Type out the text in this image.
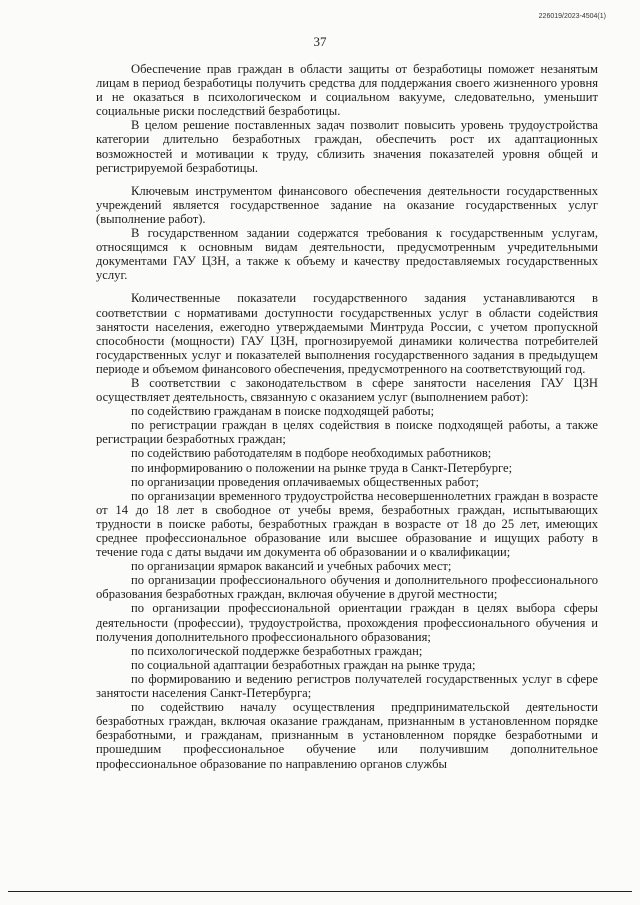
226019/2023-4504(1)
37

Обеспечение прав граждан в области защиты от безработицы поможет незанятым лицам в период безработицы получить средства для поддержания своего жизненного уровня и не оказаться в психологическом и социальном вакууме, следовательно, уменьшит социальные риски последствий безработицы.

В целом решение поставленных задач позволит повысить уровень трудоустройства категории длительно безработных граждан, обеспечить рост их адаптационных возможностей и мотивации к труду, сблизить значения показателей уровня общей и регистрируемой безработицы.

Ключевым инструментом финансового обеспечения деятельности государственных учреждений является государственное задание на оказание государственных услуг (выполнение работ).

В государственном задании содержатся требования к государственным услугам, относящимся к основным видам деятельности, предусмотренным учредительными документами ГАУ ЦЗН, а также к объему и качеству предоставляемых государственных услуг.

Количественные показатели государственного задания устанавливаются в соответствии с нормативами доступности государственных услуг в области содействия занятости населения, ежегодно утверждаемыми Минтруда России, с учетом пропускной способности (мощности) ГАУ ЦЗН, прогнозируемой динамики количества потребителей государственных услуг и показателей выполнения государственного задания в предыдущем периоде и объемом финансового обеспечения, предусмотренного на соответствующий год.

В соответствии с законодательством в сфере занятости населения ГАУ ЦЗН осуществляет деятельность, связанную с оказанием услуг (выполнением работ):

по содействию гражданам в поиске подходящей работы;

по регистрации граждан в целях содействия в поиске подходящей работы, а также регистрации безработных граждан;

по содействию работодателям в подборе необходимых работников;

по информированию о положении на рынке труда в Санкт-Петербурге;

по организации проведения оплачиваемых общественных работ;

по организации временного трудоустройства несовершеннолетних граждан в возрасте от 14 до 18 лет в свободное от учебы время, безработных граждан, испытывающих трудности в поиске работы, безработных граждан в возрасте от 18 до 25 лет, имеющих среднее профессиональное образование или высшее образование и ищущих работу в течение года с даты выдачи им документа об образовании и о квалификации;

по организации ярмарок вакансий и учебных рабочих мест;

по организации профессионального обучения и дополнительного профессионального образования безработных граждан, включая обучение в другой местности;

по организации профессиональной ориентации граждан в целях выбора сферы деятельности (профессии), трудоустройства, прохождения профессионального обучения и получения дополнительного профессионального образования;

по психологической поддержке безработных граждан;

по социальной адаптации безработных граждан на рынке труда;

по формированию и ведению регистров получателей государственных услуг в сфере занятости населения Санкт-Петербурга;

по содействию началу осуществления предпринимательской деятельности безработных граждан, включая оказание гражданам, признанным в установленном порядке безработными, и гражданам, признанным в установленном порядке безработными и прошедшим профессиональное обучение или получившим дополнительное профессиональное образование по направлению органов службы
